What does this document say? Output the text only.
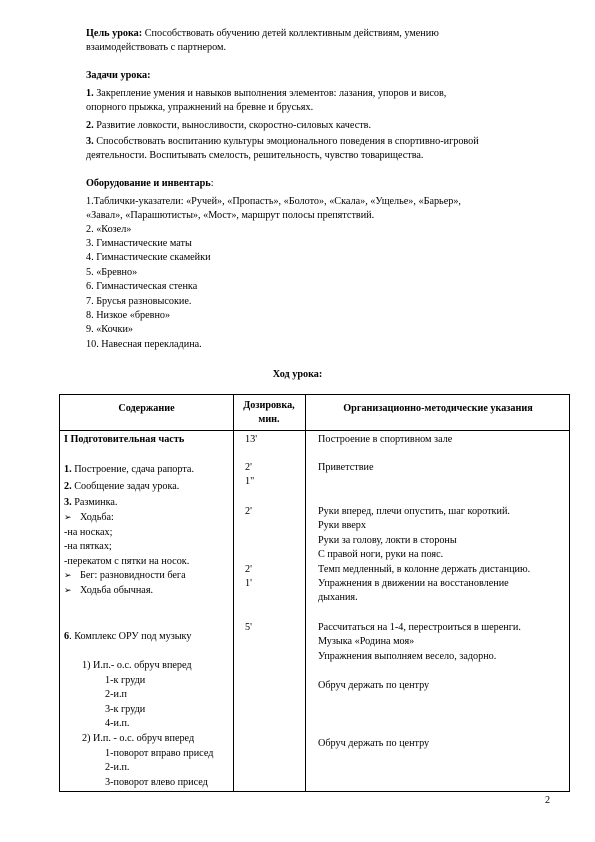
Цель урока: Способствовать обучению детей коллективным действиям, умению
взаимодействовать с партнером.
Задачи урока:
1. Закрепление умения и навыков выполнения элементов: лазания, упоров и висов,
опорного прыжка, упражнений на бревне и брусьях.
2. Развитие ловкости, выносливости, скоростно-силовых качеств.
3. Способствовать воспитанию культуры эмоционального поведения в спортивно-игровой
деятельности. Воспитывать смелость, решительность, чувство товарищества.
Оборудование и инвентарь:
1.Таблички-указатели: «Ручей», «Пропасть», «Болото», «Скала», «Ущелье», «Барьер»,
«Завал», «Парашютисты», «Мост», маршрут полосы препятствий.
2. «Козел»
3. Гимнастические маты
4. Гимнастические скамейки
5. «Бревно»
6. Гимнастическая стенка
7. Брусья разновысокие.
8. Низкое «бревно»
9. «Кочки»
10. Навесная перекладина.
Ход урока:
Содержание	Дозировка,
мин.
Организационно-методические указания
I Подготовительная часть
1. Построение, сдача рапорта.
2. Сообщение задач урока.
3. Разминка.
➢ Ходьба:
-на носках;
-на пятках;
-перекатом с пятки на носок.
➢ Бег: разновидности бега
➢ Ходьба обычная.
6. Комплекс ОРУ под музыку
1) И.п.- о.с. обруч вперед
1-к груди
2-и.п
3-к груди
4-и.п.
2) И.п. - о.с. обруч вперед
1-поворот вправо присед
2-и.п.
3-поворот влево присед
13'
2'
1"
2'
2'
1'
5'
Построение в спортивном зале
Приветствие
Руки вперед, плечи опустить, шаг короткий.
Руки вверх
Руки за голову, локти в стороны
С правой ноги, руки на пояс.
Темп медленный, в колонне держать дистанцию.
Упражнения в движении на восстановление
дыхания.
Рассчитаться на 1-4, перестроиться в шеренги.
Музыка «Родина моя»
Упражнения выполняем весело, задорно.
Обруч держать по центру
Обруч держать по центру
2
